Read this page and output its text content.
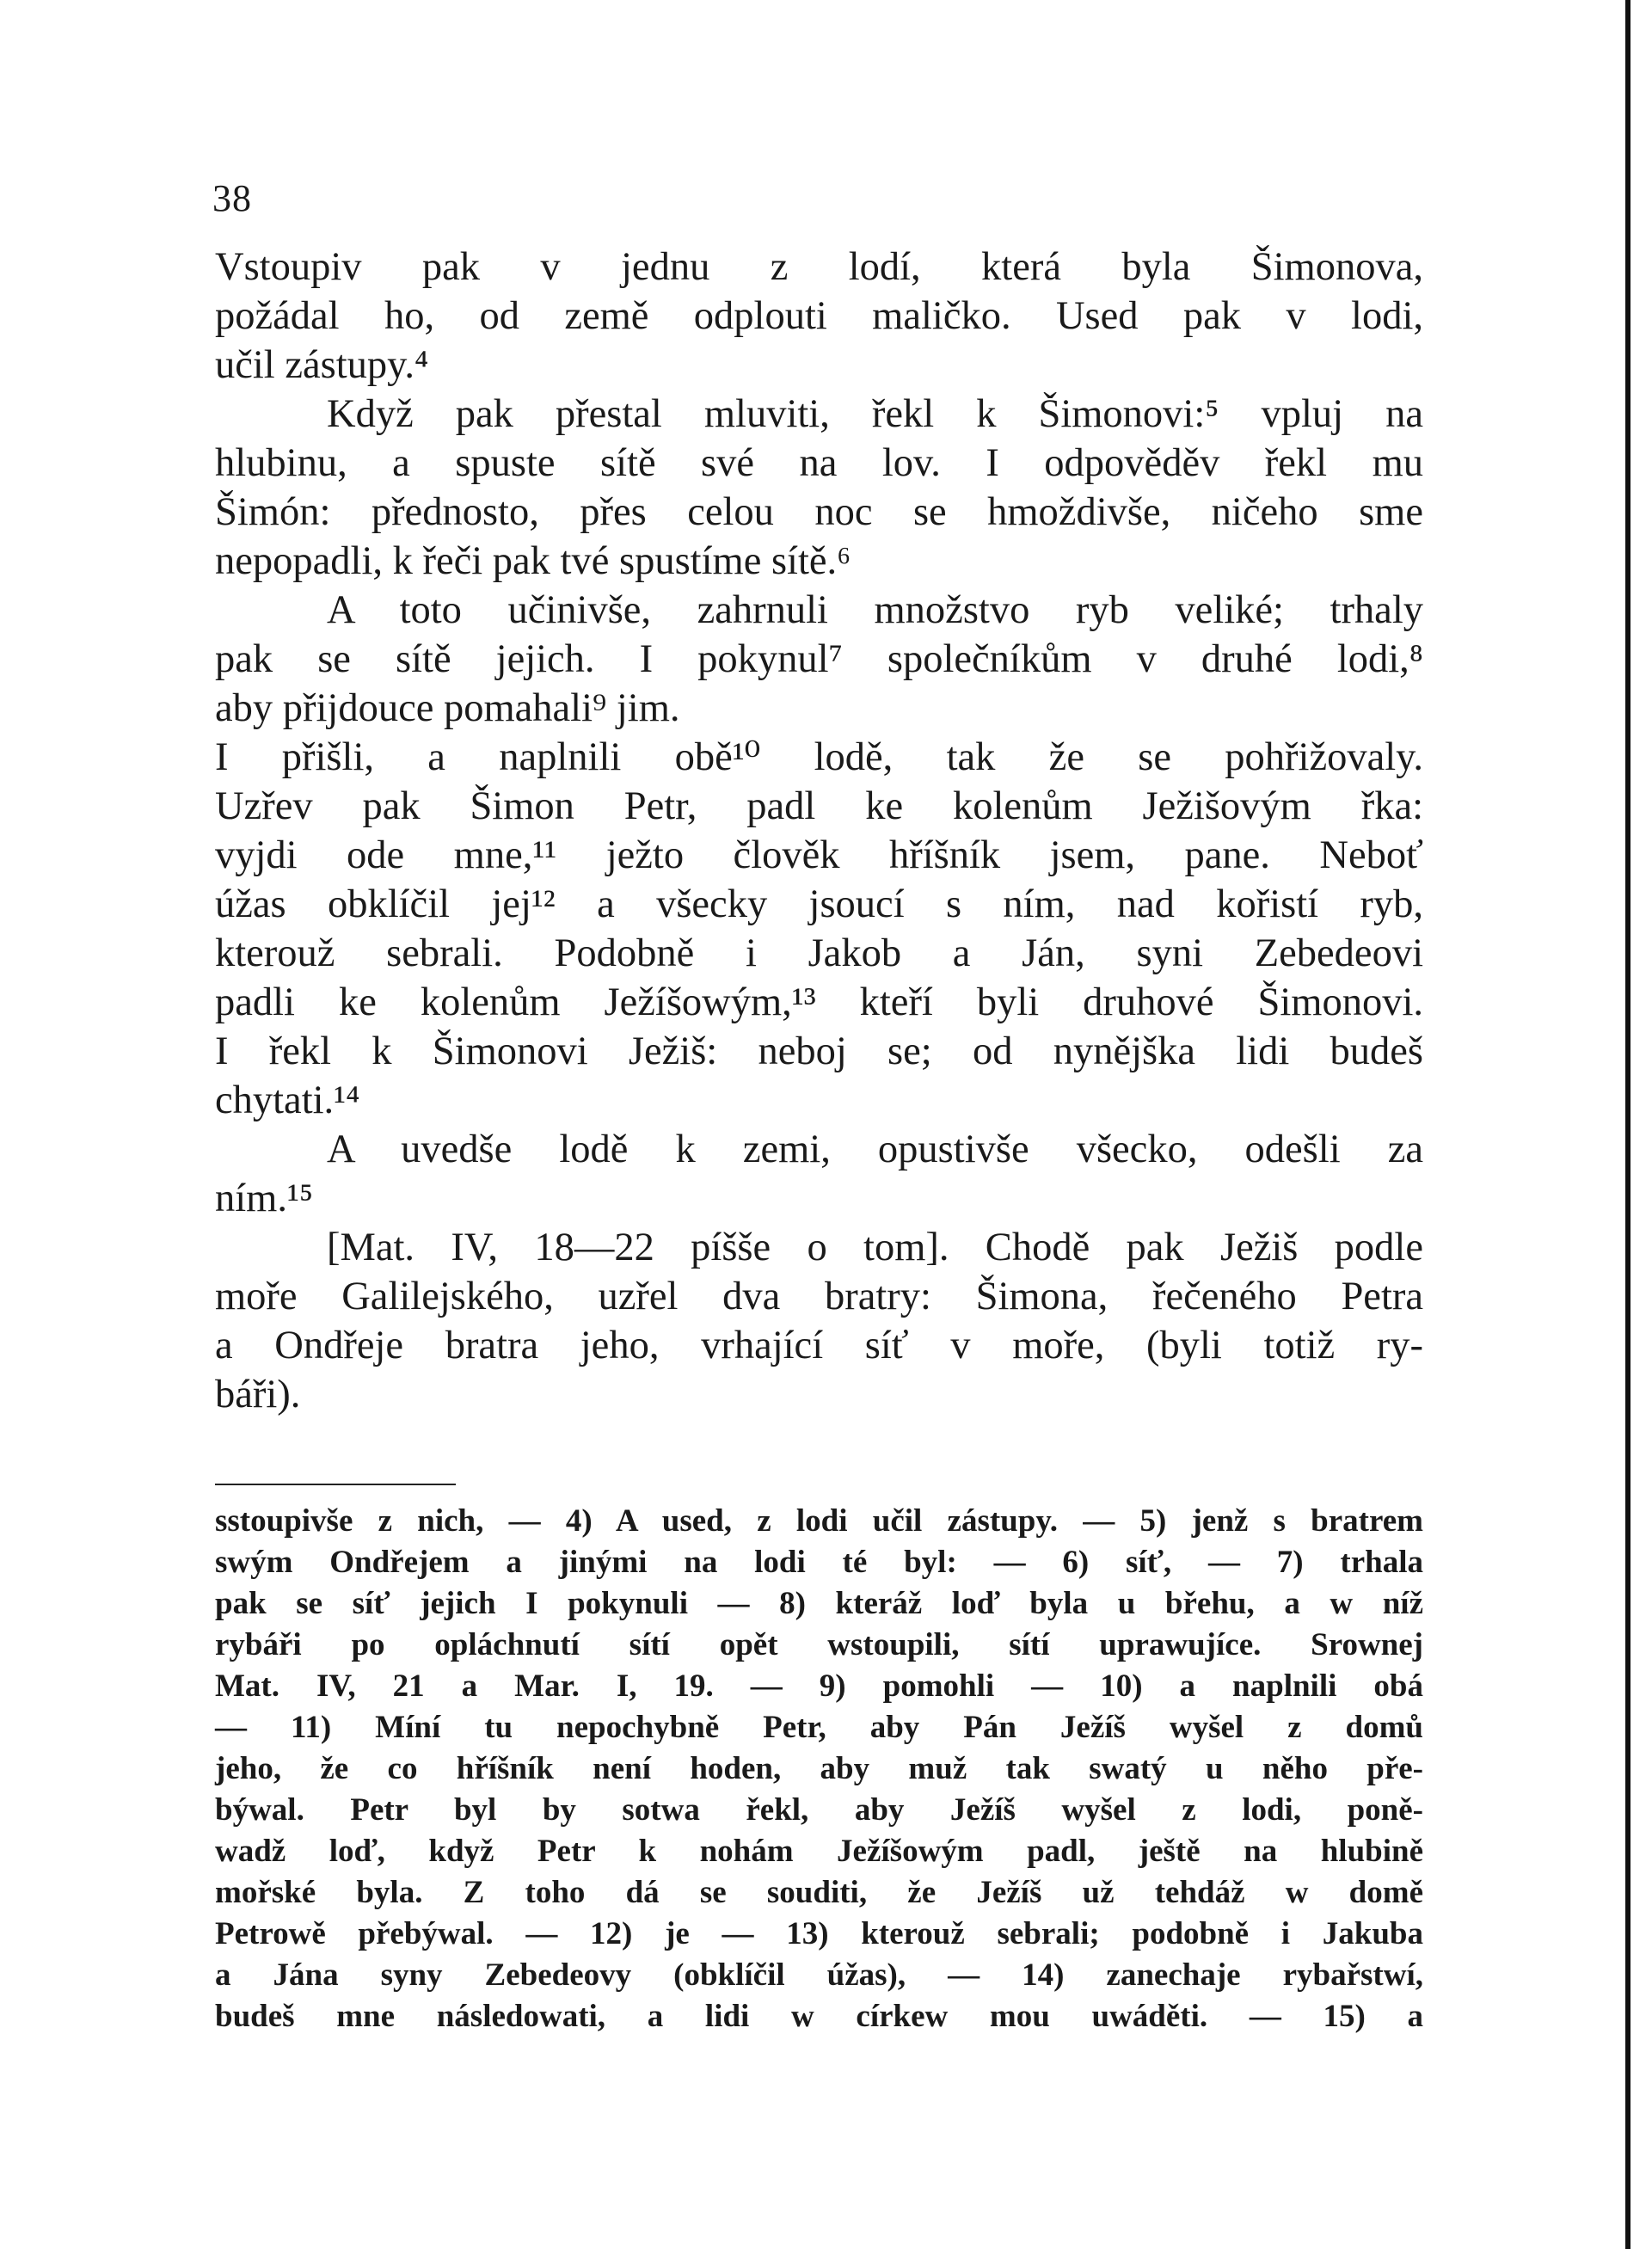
38
Vstoupiv pak v jednu z lodí, která byla Šimonova,
požádal ho, od země odplouti maličko. Used pak v lodi,
učil zástupy.⁴
Když pak přestal mluviti, řekl k Šimonovi:⁵ vpluj na
hlubinu, a spuste sítě své na lov. I odpověděv řekl mu
Šimón: přednosto, přes celou noc se hmoždivše, ničeho sme
nepopadli, k řeči pak tvé spustíme sítě.⁶
A toto učinivše, zahrnuli množstvo ryb veliké; trhaly
pak se sítě jejich. I pokynul⁷ společníkům v druhé lodi,⁸
aby přijdouce pomahali⁹ jim.
I přišli, a naplnili obě¹⁰ lodě, tak že se pohřižovaly.
Uzřev pak Šimon Petr, padl ke kolenům Ježišovým řka:
vyjdi ode mne,¹¹ ježto člověk hříšník jsem, pane. Neboť
úžas obklíčil jej¹² a všecky jsoucí s ním, nad kořistí ryb,
kterouž sebrali. Podobně i Jakob a Ján, syni Zebedeovi
padli ke kolenům Ježíšowým,¹³ kteří byli druhové Šimonovi.
I řekl k Šimonovi Ježiš: neboj se; od nynějška lidi budeš
chytati.¹⁴
A uvedše lodě k zemi, opustivše všecko, odešli za
ním.¹⁵
[Mat. IV, 18—22 píšše o tom]. Chodě pak Ježiš podle
moře Galilejského, uzřel dva bratry: Šimona, řečeného Petra
a Ondřeje bratra jeho, vrhající síť v moře, (byli totiž ry-
báři).
sstoupivše z nich, — 4) A used, z lodi učil zástupy. — 5) jenž s bratrem
swým Ondřejem a jinými na lodi té byl: — 6) síť, — 7) trhala
pak se síť jejich I pokynuli — 8) kteráž loď byla u břehu, a w níž
rybáři po opláchnutí sítí opět wstoupili, sítí uprawujíce. Srownej
Mat. IV, 21 a Mar. I, 19. — 9) pomohli — 10) a naplnili obá
— 11) Míní tu nepochybně Petr, aby Pán Ježíš wyšel z domů
jeho, že co hříšník není hoden, aby muž tak swatý u něho pře-
býwal. Petr byl by sotwa řekl, aby Ježíš wyšel z lodi, poně-
wadž loď, když Petr k nohám Ježíšowým padl, ještě na hlubině
mořské byla. Z toho dá se souditi, že Ježíš už tehdáž w domě
Petrowě přebýwal. — 12) je — 13) kterouž sebrali; podobně i Jakuba
a Jána syny Zebedeovy (obklíčil úžas), — 14) zanechaje rybařstwí,
budeš mne následowati, a lidi w církew mou uwáděti. — 15) a
